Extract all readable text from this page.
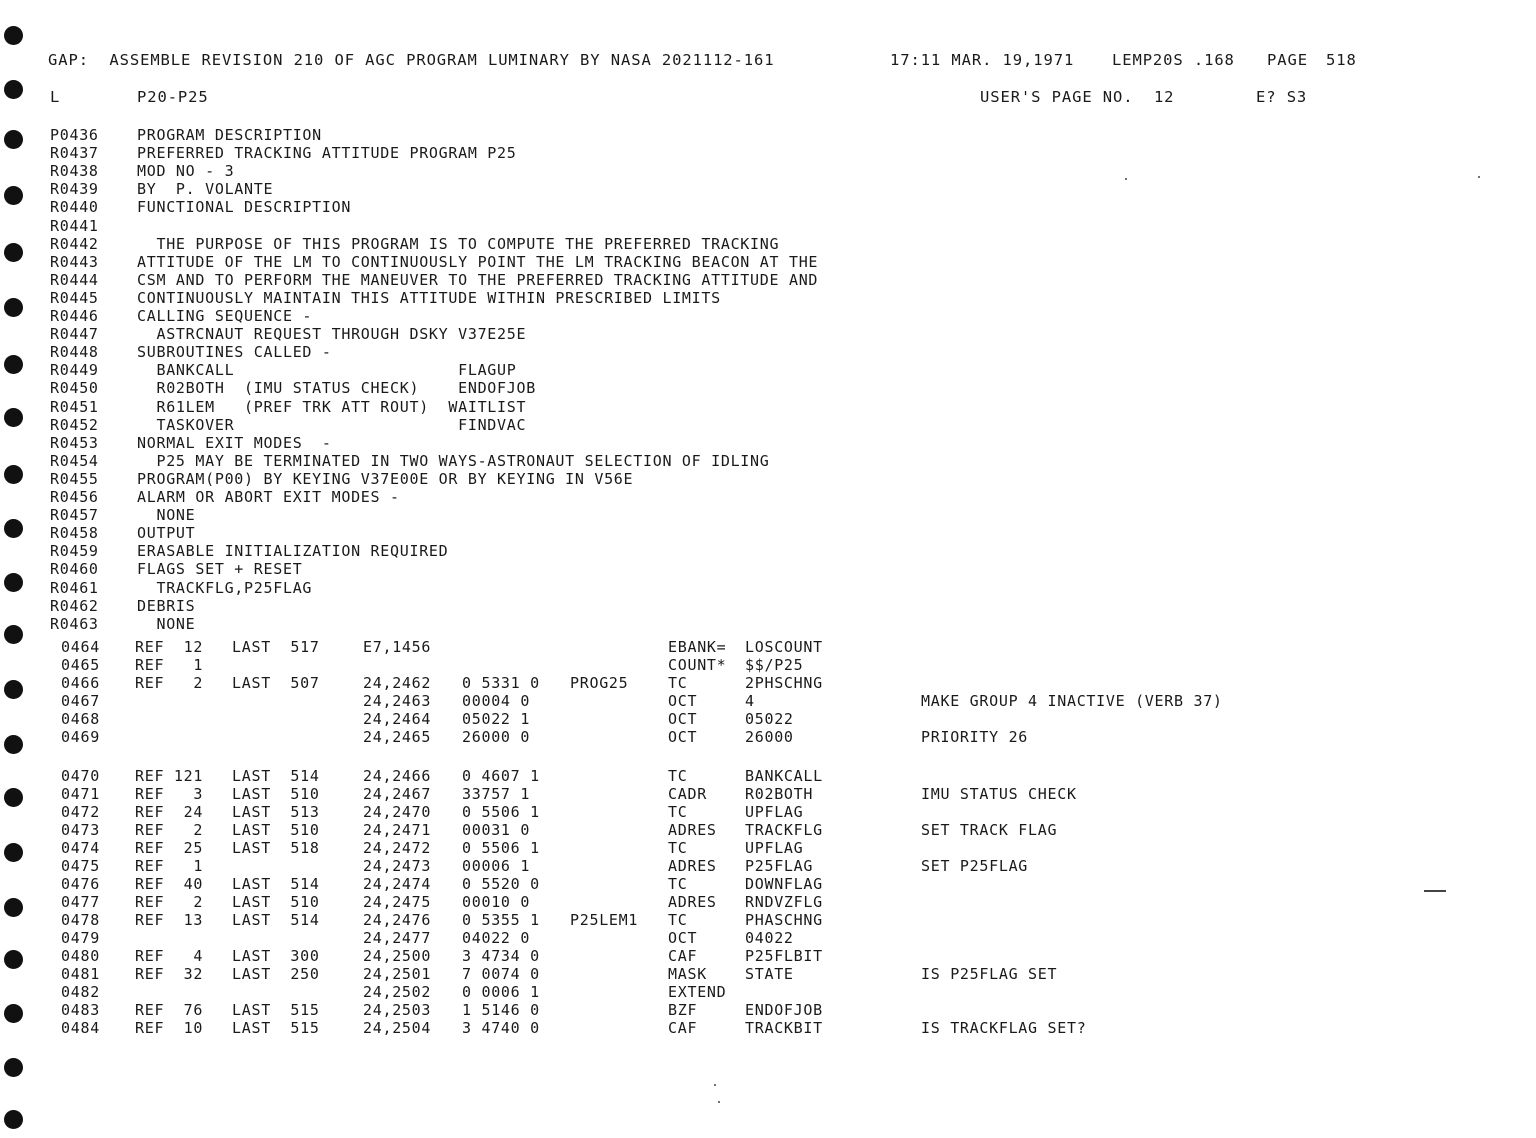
GAP:  ASSEMBLE REVISION 210 OF AGC PROGRAM LUMINARY BY NASA 2021112-161	17:11 MAR. 19,1971 LEMP20S .168 PAGE 518
L	P20-P25	USER'S PAGE NO.  12	E? S3
P0436	PROGRAM DESCRIPTION
R0437	PREFERRED TRACKING ATTITUDE PROGRAM P25
R0438	MOD NO - 3
R0439	BY  P. VOLANTE
R0440	FUNCTIONAL DESCRIPTION
R0441
R0442	THE PURPOSE OF THIS PROGRAM IS TO COMPUTE THE PREFERRED TRACKING
R0443	ATTITUDE OF THE LM TO CONTINUOUSLY POINT THE LM TRACKING BEACON AT THE
R0444	CSM AND TO PERFORM THE MANEUVER TO THE PREFERRED TRACKING ATTITUDE AND
R0445	CONTINUOUSLY MAINTAIN THIS ATTITUDE WITHIN PRESCRIBED LIMITS
R0446	CALLING SEQUENCE -
R0447	ASTRCNAUT REQUEST THROUGH DSKY V37E25E
R0448	SUBROUTINES CALLED -
R0449	BANKCALL                       FLAGUP
R0450	R02BOTH  (IMU STATUS CHECK)    ENDOFJOB
R0451	R61LEM   (PREF TRK ATT ROUT)  WAITLIST
R0452	TASKOVER                       FINDVAC
R0453	NORMAL EXIT MODES  -
R0454	P25 MAY BE TERMINATED IN TWO WAYS-ASTRONAUT SELECTION OF IDLING
R0455	PROGRAM(P00) BY KEYING V37E00E OR BY KEYING IN V56E
R0456	ALARM OR ABORT EXIT MODES -
R0457	NONE
R0458	OUTPUT
R0459	ERASABLE INITIALIZATION REQUIRED
R0460	FLAGS SET + RESET
R0461	TRACKFLG,P25FLAG
R0462	DEBRIS
R0463	NONE
0464 REF  12 LAST  517	E7,1456	EBANK= LOSCOUNT
0465 REF   1	COUNT* $$/P25
0466 REF   2 LAST  507	24,2462 0 5331 0 PROG25	TC	2PHSCHNG
0467	24,2463 00004 0	OCT	4	MAKE GROUP 4 INACTIVE (VERB 37)
0468	24,2464 05022 1	OCT	05022
0469	24,2465 26000 0	OCT	26000	PRIORITY 26
0470 REF 121 LAST  514	24,2466 0 4607 1	TC	BANKCALL
0471 REF   3 LAST  510	24,2467 33757 1	CADR	R02BOTH	IMU STATUS CHECK
0472 REF  24 LAST  513	24,2470 0 5506 1	TC	UPFLAG
0473 REF   2 LAST  510	24,2471 00031 0	ADRES TRACKFLG	SET TRACK FLAG
0474 REF  25 LAST  518	24,2472 0 5506 1	TC	UPFLAG
0475 REF   1	24,2473 00006 1	ADRES P25FLAG	SET P25FLAG
0476 REF  40 LAST  514	24,2474 0 5520 0	TC	DOWNFLAG
0477 REF   2 LAST  510	24,2475 00010 0	ADRES RNDVZFLG
0478 REF  13 LAST  514	24,2476 0 5355 1 P25LEM1 TC	PHASCHNG
0479	24,2477 04022 0	OCT	04022
0480 REF   4 LAST  300	24,2500 3 4734 0	CAF	P25FLBIT
0481 REF  32 LAST  250	24,2501 7 0074 0	MASK	STATE	IS P25FLAG SET
0482	24,2502 0 0006 1	EXTEND
0483 REF  76 LAST  515	24,2503 1 5146 0	BZF	ENDOFJOB
0484 REF  10 LAST  515	24,2504 3 4740 0	CAF	TRACKBIT	IS TRACKFLAG SET?
